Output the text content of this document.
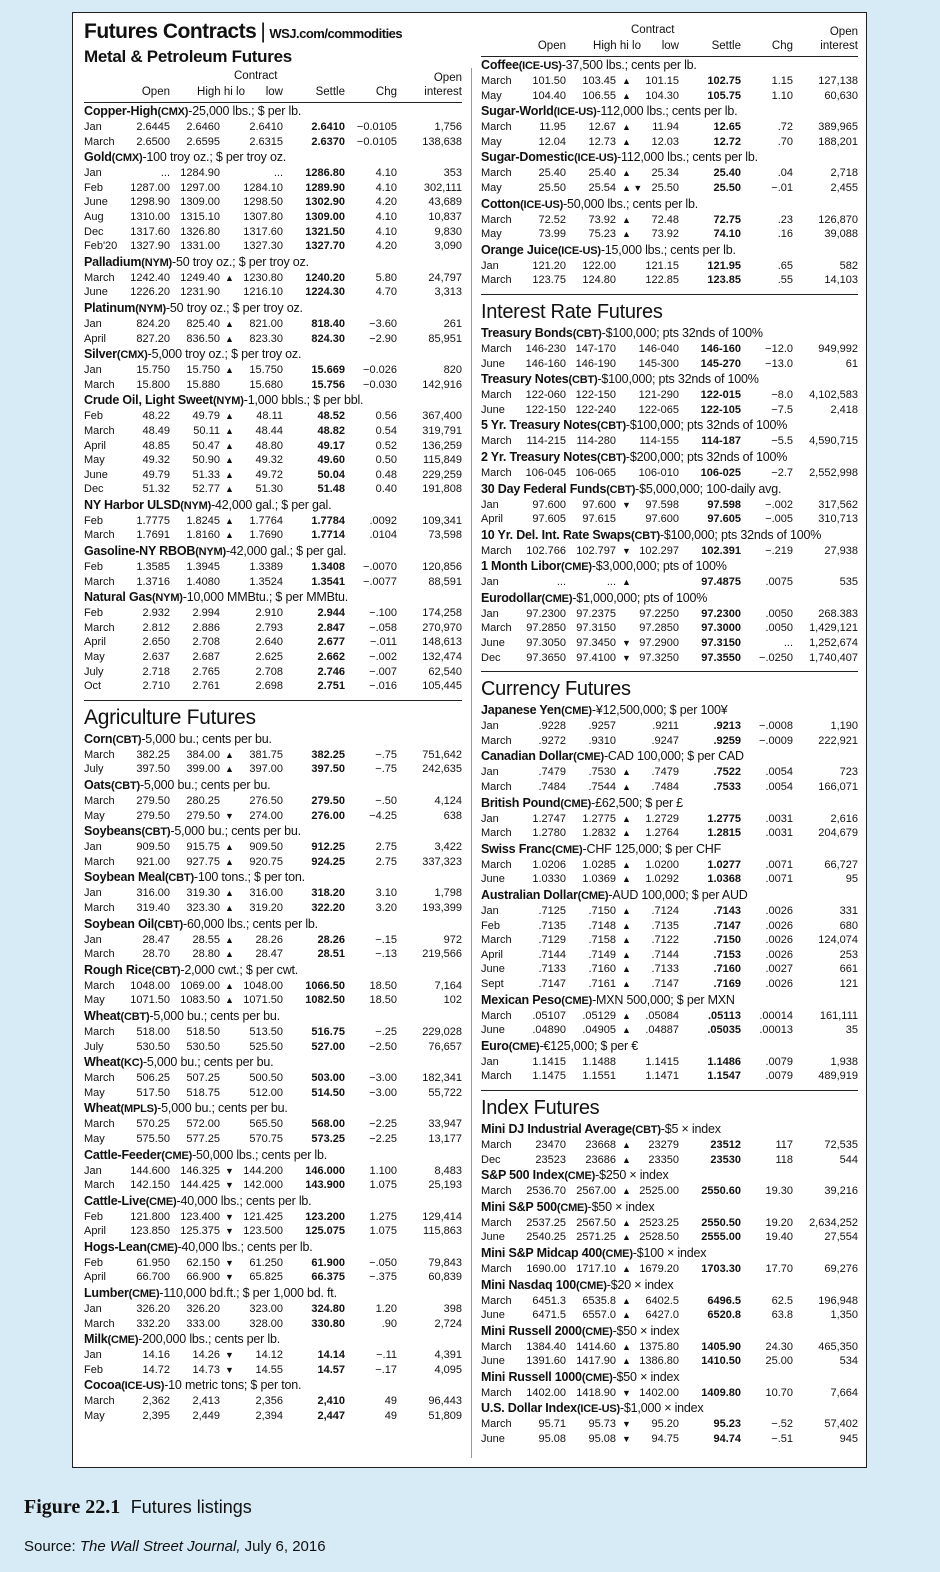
Futures Contracts | WSJ.com/commodities
Metal & Petroleum Futures
Contract
Open High hi lo low	Settle	Chg
Open
interest
Copper-High(CMX)-25,000 lbs.; $ per lb.
Jan	2.6445 2.6460	2.6410	2.6410 −0.0105	1,756
March 2.6500 2.6595	2.6315	2.6370 −0.0105 138,638
Gold(CMX)-100 troy oz.; $ per troy oz.
Jan	... 1284.90	... 1286.80	4.10	353
Feb 1287.00 1297.00 1284.10 1289.90	4.10 302,111
June 1298.90 1309.00 1298.50 1302.90	4.20	43,689
Aug 1310.00 1315.10 1307.80 1309.00	4.10	10,837
Dec 1317.60 1326.80 1317.60 1321.50	4.10	9,830
Feb'20 1327.90 1331.00 1327.30 1327.70	4.20	3,090
Palladium(NYM)-50 troy oz.; $ per troy oz.
March 1242.40 1249.40 ▲ 1230.80 1240.20	5.80	24,797
June 1226.20 1231.90 1216.10 1224.30	4.70	3,313
Platinum(NYM)-50 troy oz.; $ per troy oz.
Jan	824.20 825.40 ▲ 821.00	818.40 −3.60	261
April	827.20 836.50 ▲ 823.30	824.30 −2.90	85,951
Silver(CMX)-5,000 troy oz.; $ per troy oz.
Jan	15.750 15.750 ▲ 15.750	15.669 −0.026	820
March 15.800 15.880	15.680	15.756 −0.030 142,916
Crude Oil, Light Sweet(NYM)-1,000 bbls.; $ per bbl.
Feb	48.22 49.79 ▲ 48.11	48.52	0.56 367,400
March	48.49 50.11 ▲ 48.44	48.82	0.54 319,791
April	48.85 50.47 ▲ 48.80	49.17	0.52 136,259
May	49.32 50.90 ▲ 49.32	49.60	0.50 115,849
June	49.79 51.33 ▲ 49.72	50.04	0.48 229,259
Dec	51.32 52.77 ▲ 51.30	51.48	0.40 191,808
NY Harbor ULSD(NYM)-42,000 gal.; $ per gal.
Feb	1.7775 1.8245 ▲ 1.7764	1.7784 .0092 109,341
March 1.7691 1.8160 ▲ 1.7690	1.7714 .0104	73,598
Gasoline-NY RBOB(NYM)-42,000 gal.; $ per gal.
Feb	1.3585 1.3945	1.3389	1.3408 −.0070 120,856
March 1.3716 1.4080	1.3524	1.3541 −.0077	88,591
Natural Gas(NYM)-10,000 MMBtu.; $ per MMBtu.
Feb	2.932 2.994	2.910	2.944 −.100 174,258
March	2.812 2.886	2.793	2.847 −.058 270,970
April	2.650 2.708	2.640	2.677 −.011 148,613
May	2.637 2.687	2.625	2.662 −.002 132,474
July	2.718 2.765	2.708	2.746 −.007	62,540
Oct	2.710 2.761	2.698	2.751 −.016 105,445
Agriculture Futures
Corn(CBT)-5,000 bu.; cents per bu.
March 382.25 384.00 ▲ 381.75	382.25	−.75 751,642
July	397.50 399.00 ▲ 397.00	397.50	−.75 242,635
Oats(CBT)-5,000 bu.; cents per bu.
March 279.50 280.25	276.50	279.50	−.50	4,124
May	279.50 279.50 ▼ 274.00	276.00 −4.25	638
Soybeans(CBT)-5,000 bu.; cents per bu.
Jan	909.50 915.75 ▲ 909.50	912.25	2.75	3,422
March 921.00 927.75 ▲ 920.75	924.25	2.75 337,323
Soybean Meal(CBT)-100 tons.; $ per ton.
Jan	316.00 319.30 ▲ 316.00	318.20	3.10	1,798
March 319.40 323.30 ▲ 319.20	322.20	3.20 193,399
Soybean Oil(CBT)-60,000 lbs.; cents per lb.
Jan	28.47 28.55 ▲ 28.26	28.26	−.15	972
March	28.70 28.80 ▲ 28.47	28.51	−.13 219,566
Rough Rice(CBT)-2,000 cwt.; $ per cwt.
March 1048.00 1069.00 ▲ 1048.00 1066.50 18.50	7,164
May 1071.50 1083.50 ▲ 1071.50 1082.50 18.50	102
Wheat(CBT)-5,000 bu.; cents per bu.
March 518.00 518.50	513.50	516.75	−.25 229,028
July	530.50 530.50	525.50	527.00 −2.50	76,657
Wheat(KC)-5,000 bu.; cents per bu.
March 506.25 507.25	500.50	503.00 −3.00 182,341
May	517.50 518.75	512.00	514.50 −3.00	55,722
Wheat(MPLS)-5,000 bu.; cents per bu.
March 570.25 572.00	565.50	568.00 −2.25	33,947
May	575.50 577.25	570.75	573.25 −2.25	13,177
Cattle-Feeder(CME)-50,000 lbs.; cents per lb.
Jan	144.600 146.325 ▼ 144.200 146.000 1.100	8,483
March 142.150 144.425 ▼ 142.000 143.900 1.075	25,193
Cattle-Live(CME)-40,000 lbs.; cents per lb.
Feb 121.800 123.400 ▼ 121.425 123.200 1.275 129,414
April 123.850 125.375 ▼ 123.500 125.075 1.075 115,863
Hogs-Lean(CME)-40,000 lbs.; cents per lb.
Feb	61.950 62.150 ▼ 61.250	61.900 −.050	79,843
April	66.700 66.900 ▼ 65.825	66.375 −.375	60,839
Lumber(CME)-110,000 bd.ft.; $ per 1,000 bd. ft.
Jan	326.20 326.20	323.00	324.80	1.20	398
March 332.20 333.00	328.00	330.80	.90	2,724
Milk(CME)-200,000 lbs.; cents per lb.
Jan	14.16 14.26 ▼ 14.12	14.14	−.11	4,391
Feb	14.72 14.73 ▼ 14.55	14.57	−.17	4,095
Cocoa(ICE-US)-10 metric tons; $ per ton.
March	2,362 2,413	2,356	2,410	49	96,443
May	2,395 2,449	2,394	2,447	49	51,809
Contract
Open High hi lo low	Settle	Chg
Open
interest
Coffee(ICE-US)-37,500 lbs.; cents per lb.
March 101.50 103.45 ▲ 101.15	102.75	1.15 127,138
May	104.40 106.55 ▲ 104.30	105.75	1.10	60,630
Sugar-World(ICE-US)-112,000 lbs.; cents per lb.
March	11.95 12.67 ▲ 11.94	12.65	.72 389,965
May	12.04 12.73 ▲ 12.03	12.72	.70 188,201
Sugar-Domestic(ICE-US)-112,000 lbs.; cents per lb.
March 25.40 25.40 ▲ 25.34	25.40	.04	2,718
May	25.50 25.54 ▲ ▼ 25.50	25.50	−.01	2,455
Cotton(ICE-US)-50,000 lbs.; cents per lb.
March 72.52 73.92 ▲ 72.48	72.75	.23 126,870
May	73.99 75.23 ▲ 73.92	74.10	.16	39,088
Orange Juice(ICE-US)-15,000 lbs.; cents per lb.
Jan	121.20 122.00	121.15	121.95	.65	582
March 123.75 124.80	122.85	123.85	.55	14,103
Interest Rate Futures
Treasury Bonds(CBT)-$100,000; pts 32nds of 100%
March 146-230 147-170 146-040 146-160 −12.0 949,992
June 146-160 146-190 145-300 145-270 −13.0	61
Treasury Notes(CBT)-$100,000; pts 32nds of 100%
March 122-060 122-150 121-290 122-015	−8.0 4,102,583
June 122-150 122-240 122-065 122-105	−7.5	2,418
5 Yr. Treasury Notes(CBT)-$100,000; pts 32nds of 100%
March 114-215 114-280 114-155 114-187	−5.5 4,590,715
2 Yr. Treasury Notes(CBT)-$200,000; pts 32nds of 100%
March 106-045 106-065 106-010 106-025	−2.7 2,552,998
30 Day Federal Funds(CBT)-$5,000,000; 100-daily avg.
Jan	97.600 97.600 ▼ 97.598	97.598 −.002 317,562
April	97.605 97.615	97.600	97.605 −.005 310,713
10 Yr. Del. Int. Rate Swaps(CBT)-$100,000; pts 32nds of 100%
March 102.766 102.797 ▼ 102.297 102.391 −.219	27,938
1 Month Libor(CME)-$3,000,000; pts of 100%
Jan	...	... ▲	97.4875 .0075	535
Eurodollar(CME)-$1,000,000; pts of 100%
Jan 97.2300 97.2375 97.2250 97.2300 .0050 268.383
March 97.2850 97.3150 97.2850 97.3000 .0050 1,429,121
June 97.3050 97.3450 ▼ 97.2900 97.3150	... 1,252,674
Dec 97.3650 97.4100 ▼ 97.3250 97.3550 −.0250 1,740,407
Currency Futures
Japanese Yen(CME)-¥12,500,000; $ per 100¥
Jan	.9228 .9257	.9211	.9213 −.0008	1,190
March .9272 .9310	.9247	.9259 −.0009 222,921
Canadian Dollar(CME)-CAD 100,000; $ per CAD
Jan	.7479 .7530 ▲ .7479	.7522 .0054	723
March .7484 .7544 ▲ .7484	.7533 .0054 166,071
British Pound(CME)-£62,500; $ per £
Jan	1.2747 1.2775 ▲ 1.2729	1.2775 .0031	2,616
March 1.2780 1.2832 ▲ 1.2764	1.2815 .0031 204,679
Swiss Franc(CME)-CHF 125,000; $ per CHF
March 1.0206 1.0285 ▲ 1.0200	1.0277 .0071	66,727
June 1.0330 1.0369 ▲ 1.0292	1.0368 .0071	95
Australian Dollar(CME)-AUD 100,000; $ per AUD
Jan	.7125 .7150 ▲ .7124	.7143 .0026	331
Feb	.7135 .7148 ▲ .7135	.7147 .0026	680
March .7129 .7158 ▲ .7122	.7150 .0026 124,074
April	.7144 .7149 ▲ .7144	.7153 .0026	253
June	.7133 .7160 ▲ .7133	.7160 .0027	661
Sept	.7147 .7161 ▲ .7147	.7169 .0026	121
Mexican Peso(CME)-MXN 500,000; $ per MXN
March .05107 .05129 ▲ .05084	.05113 .00014 161,111
June .04890 .04905 ▲ .04887	.05035 .00013	35
Euro(CME)-€125,000; $ per €
Jan	1.1415 1.1488	1.1415	1.1486 .0079	1,938
March 1.1475 1.1551	1.1471	1.1547 .0079 489,919
Index Futures
Mini DJ Industrial Average(CBT)-$5 × index
March 23470 23668 ▲ 23279	23512	117	72,535
Dec	23523 23686 ▲ 23350	23530	118	544
S&P 500 Index(CME)-$250 × index
March 2536.70 2567.00 ▲ 2525.00 2550.60 19.30	39,216
Mini S&P 500(CME)-$50 × index
March 2537.25 2567.50 ▲ 2523.25 2550.50 19.20 2,634,252
June 2540.25 2571.25 ▲ 2528.50 2555.00 19.40	27,554
Mini S&P Midcap 400(CME)-$100 × index
March 1690.00 1717.10 ▲ 1679.20 1703.30 17.70	69,276
Mini Nasdaq 100(CME)-$20 × index
March 6451.3 6535.8 ▲ 6402.5	6496.5	62.5 196,948
June 6471.5 6557.0 ▲ 6427.0	6520.8	63.8	1,350
Mini Russell 2000(CME)-$50 × index
March 1384.40 1414.60 ▲ 1375.80 1405.90 24.30 465,350
June 1391.60 1417.90 ▲ 1386.80 1410.50 25.00	534
Mini Russell 1000(CME)-$50 × index
March 1402.00 1418.90 ▼ 1402.00 1409.80 10.70	7,664
U.S. Dollar Index(ICE-US)-$1,000 × index
March 95.71 95.73 ▼ 95.20	95.23	−.52	57,402
June	95.08 95.08 ▼ 94.75	94.74	−.51	945
Figure 22.1 Futures listings
Source: The Wall Street Journal, July 6, 2016
